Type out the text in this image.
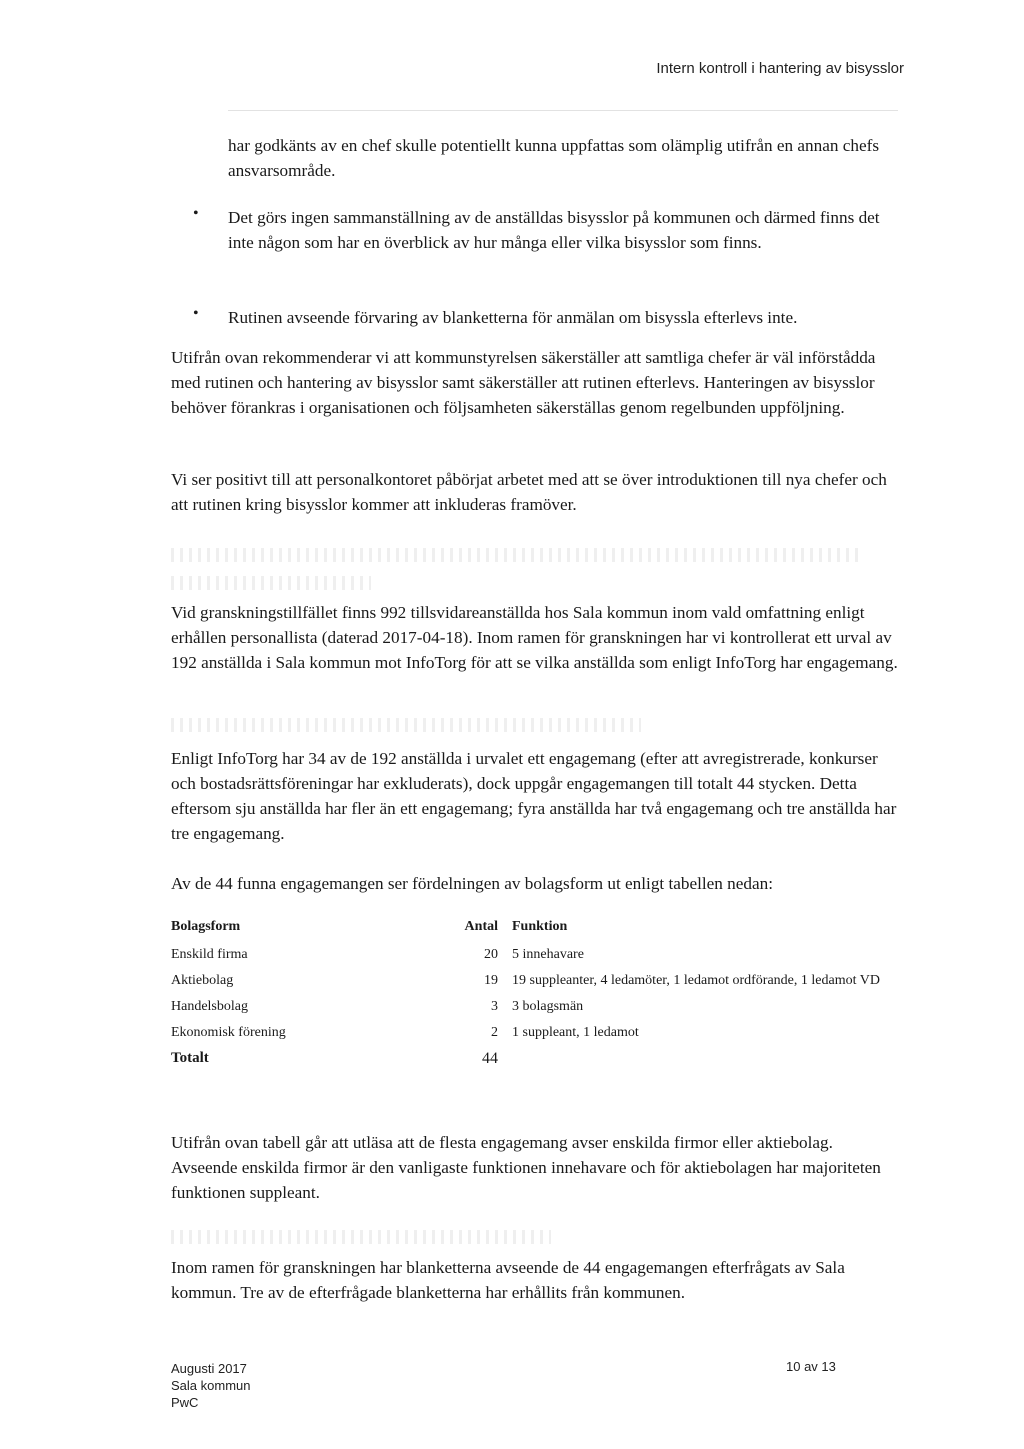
Intern kontroll i hantering av bisysslor

har godkänts av en chef skulle potentiellt kunna uppfattas som olämplig utifrån en annan chefs ansvarsområde.

• Det görs ingen sammanställning av de anställdas bisysslor på kommunen och därmed finns det inte någon som har en överblick av hur många eller vilka bisysslor som finns.

• Rutinen avseende förvaring av blanketterna för anmälan om bisyssla efterlevs inte.

Utifrån ovan rekommenderar vi att kommunstyrelsen säkerställer att samtliga chefer är väl införstådda med rutinen och hantering av bisysslor samt säkerställer att rutinen efterlevs. Hanteringen av bisysslor behöver förankras i organisationen och följsamheten säkerställas genom regelbunden uppföljning.

Vi ser positivt till att personalkontoret påbörjat arbetet med att se över introduktionen till nya chefer och att rutinen kring bisysslor kommer att inkluderas framöver.

Vid granskningstillfället finns 992 tillsvidareanställda hos Sala kommun inom vald omfattning enligt erhållen personallista (daterad 2017-04-18). Inom ramen för granskningen har vi kontrollerat ett urval av 192 anställda i Sala kommun mot InfoTorg för att se vilka anställda som enligt InfoTorg har engagemang.

Enligt InfoTorg har 34 av de 192 anställda i urvalet ett engagemang (efter att avregistrerade, konkurser och bostadsrättsföreningar har exkluderats), dock uppgår engagemangen till totalt 44 stycken. Detta eftersom sju anställda har fler än ett engagemang; fyra anställda har två engagemang och tre anställda har tre engagemang.

Av de 44 funna engagemangen ser fördelningen av bolagsform ut enligt tabellen nedan:

Bolagsform	Antal	Funktion
Enskild firma	20	5 innehavare
Aktiebolag	19	19 suppleanter, 4 ledamöter, 1 ledamot ordförande, 1 ledamot VD
Handelsbolag	3	3 bolagsmän
Ekonomisk förening	2	1 suppleant, 1 ledamot
Totalt	44	

Utifrån ovan tabell går att utläsa att de flesta engagemang avser enskilda firmor eller aktiebolag. Avseende enskilda firmor är den vanligaste funktionen innehavare och för aktiebolagen har majoriteten funktionen suppleant.

Inom ramen för granskningen har blanketterna avseende de 44 engagemangen efterfrågats av Sala kommun. Tre av de efterfrågade blanketterna har erhållits från kommunen.

Augusti 2017
Sala kommun
PwC
10 av 13
